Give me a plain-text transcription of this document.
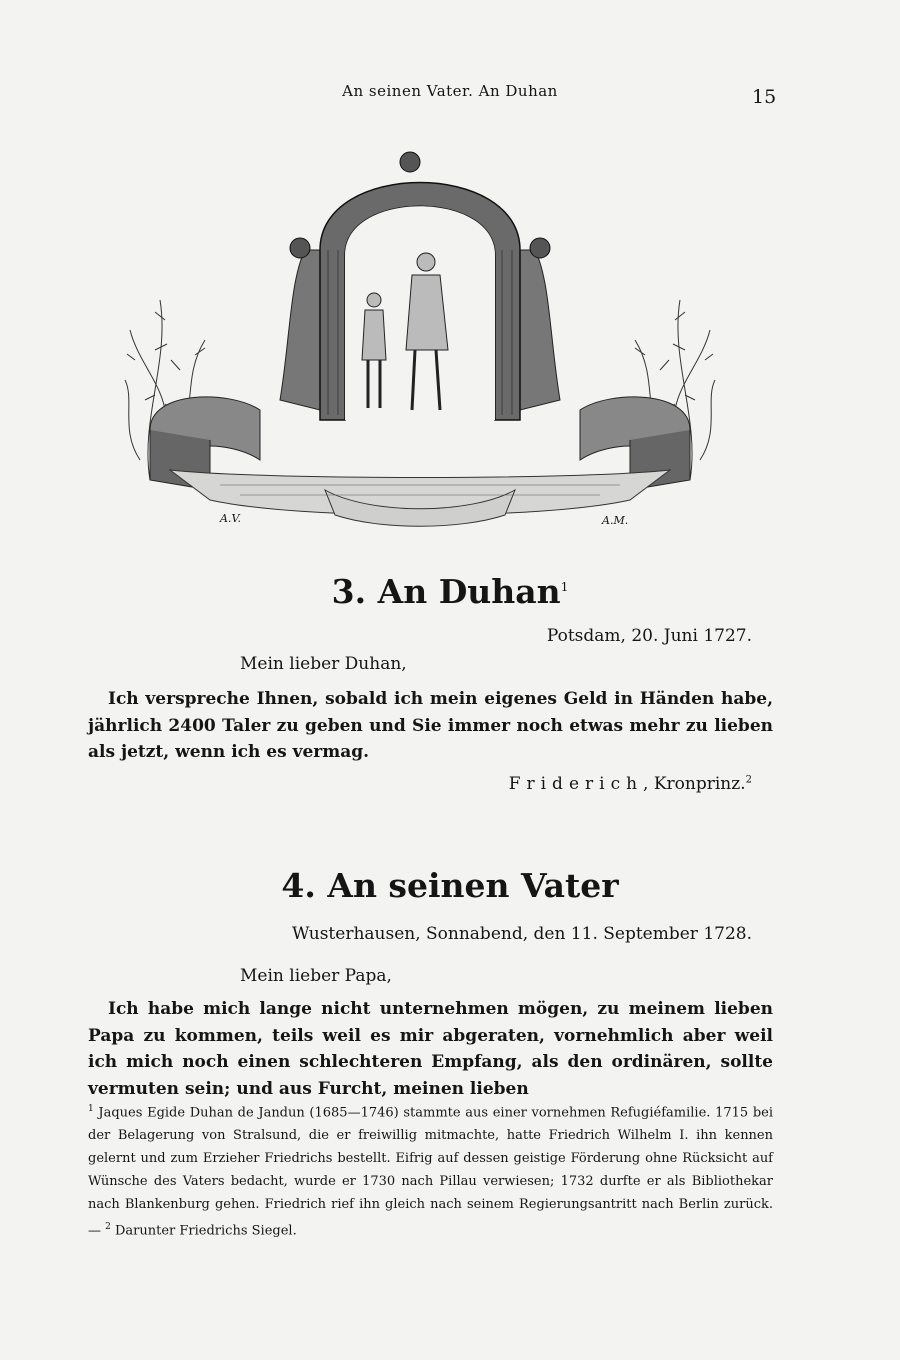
An seinen Vater. An Duhan	15
A.V.	A.M.
3. An Duhan$^1$
Potsdam, 20. Juni 1727.
Mein lieber Duhan,
Ich verspreche Ihnen, sobald ich mein eigenes Geld in Händen habe, jährlich 2400 Taler zu geben und Sie immer noch etwas mehr zu lieben als jetzt, wenn ich es vermag.
Friderich, Kronprinz.$^2$
4. An seinen Vater
Wusterhausen, Sonnabend, den 11. September 1728.
Mein lieber Papa,
Ich habe mich lange nicht unternehmen mögen, zu meinem lieben Papa zu kommen, teils weil es mir abgeraten, vornehmlich aber weil ich mich noch einen schlechteren Empfang, als den ordinären, sollte vermuten sein; und aus Furcht, meinen lieben

$^1$ Jaques Egide Duhan de Jandun (1685—1746) stammte aus einer vornehmen Refugiéfamilie. 1715 bei der Belagerung von Stralsund, die er freiwillig mitmachte, hatte Friedrich Wilhelm I. ihn kennen gelernt und zum Erzieher Friedrichs bestellt. Eifrig auf dessen geistige Förderung ohne Rücksicht auf Wünsche des Vaters bedacht, wurde er 1730 nach Pillau verwiesen; 1732 durfte er als Bibliothekar nach Blankenburg gehen. Friedrich rief ihn gleich nach seinem Regierungsantritt nach Berlin zurück. — $^2$ Darunter Friedrichs Siegel.
